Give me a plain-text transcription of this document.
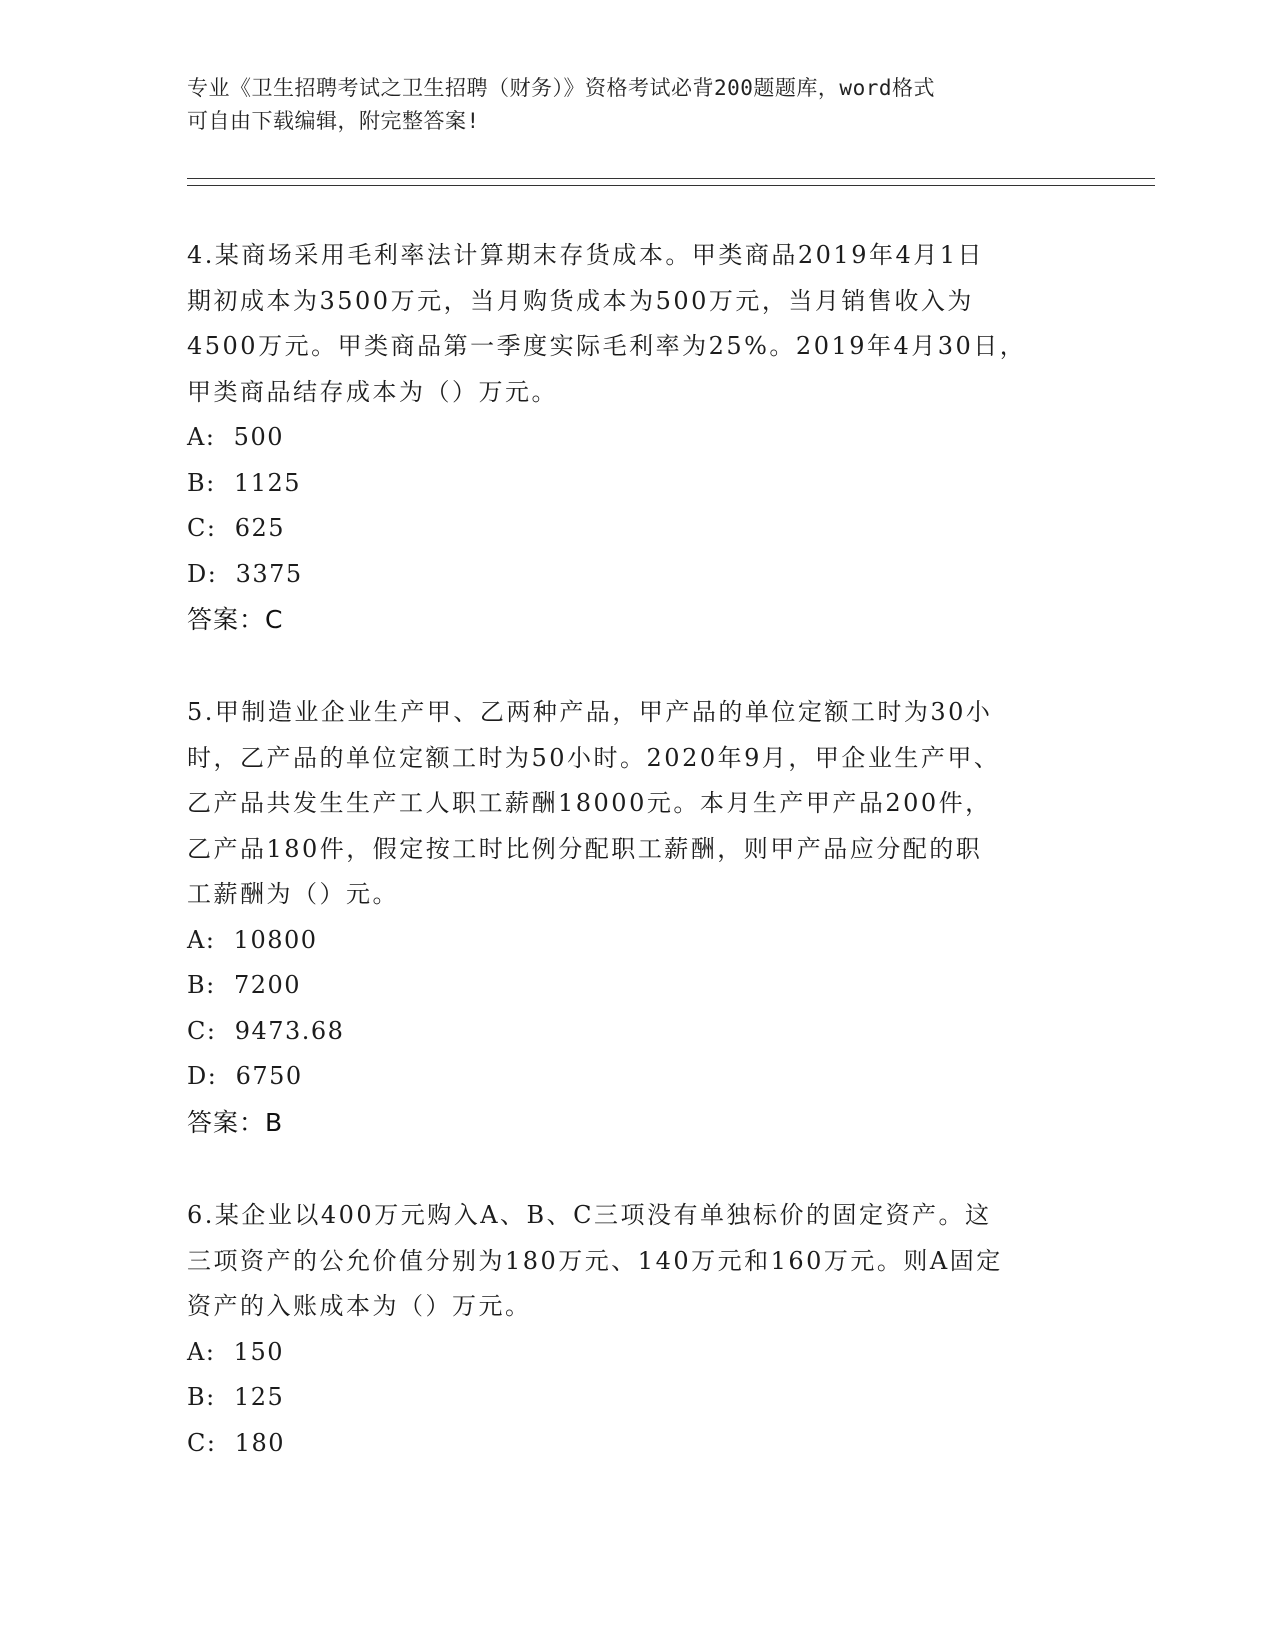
专业《卫生招聘考试之卫生招聘（财务）》资格考试必背200题题库，word格式
可自由下载编辑，附完整答案!

4.某商场采用毛利率法计算期末存货成本。甲类商品2019年4月1日

期初成本为3500万元，当月购货成本为500万元，当月销售收入为

4500万元。甲类商品第一季度实际毛利率为25%。2019年4月30日，

甲类商品结存成本为（）万元。

A:  500

B:  1125

C:  625

D:  3375

答案：C

5.甲制造业企业生产甲、乙两种产品，甲产品的单位定额工时为30小

时，乙产品的单位定额工时为50小时。2020年9月，甲企业生产甲、

乙产品共发生生产工人职工薪酬18000元。本月生产甲产品200件，

乙产品180件，假定按工时比例分配职工薪酬，则甲产品应分配的职

工薪酬为（）元。

A:  10800

B:  7200

C:  9473.68

D:  6750

答案：B

6.某企业以400万元购入A、B、C三项没有单独标价的固定资产。这

三项资产的公允价值分别为180万元、140万元和160万元。则A固定

资产的入账成本为（）万元。

A:  150

B:  125

C:  180
